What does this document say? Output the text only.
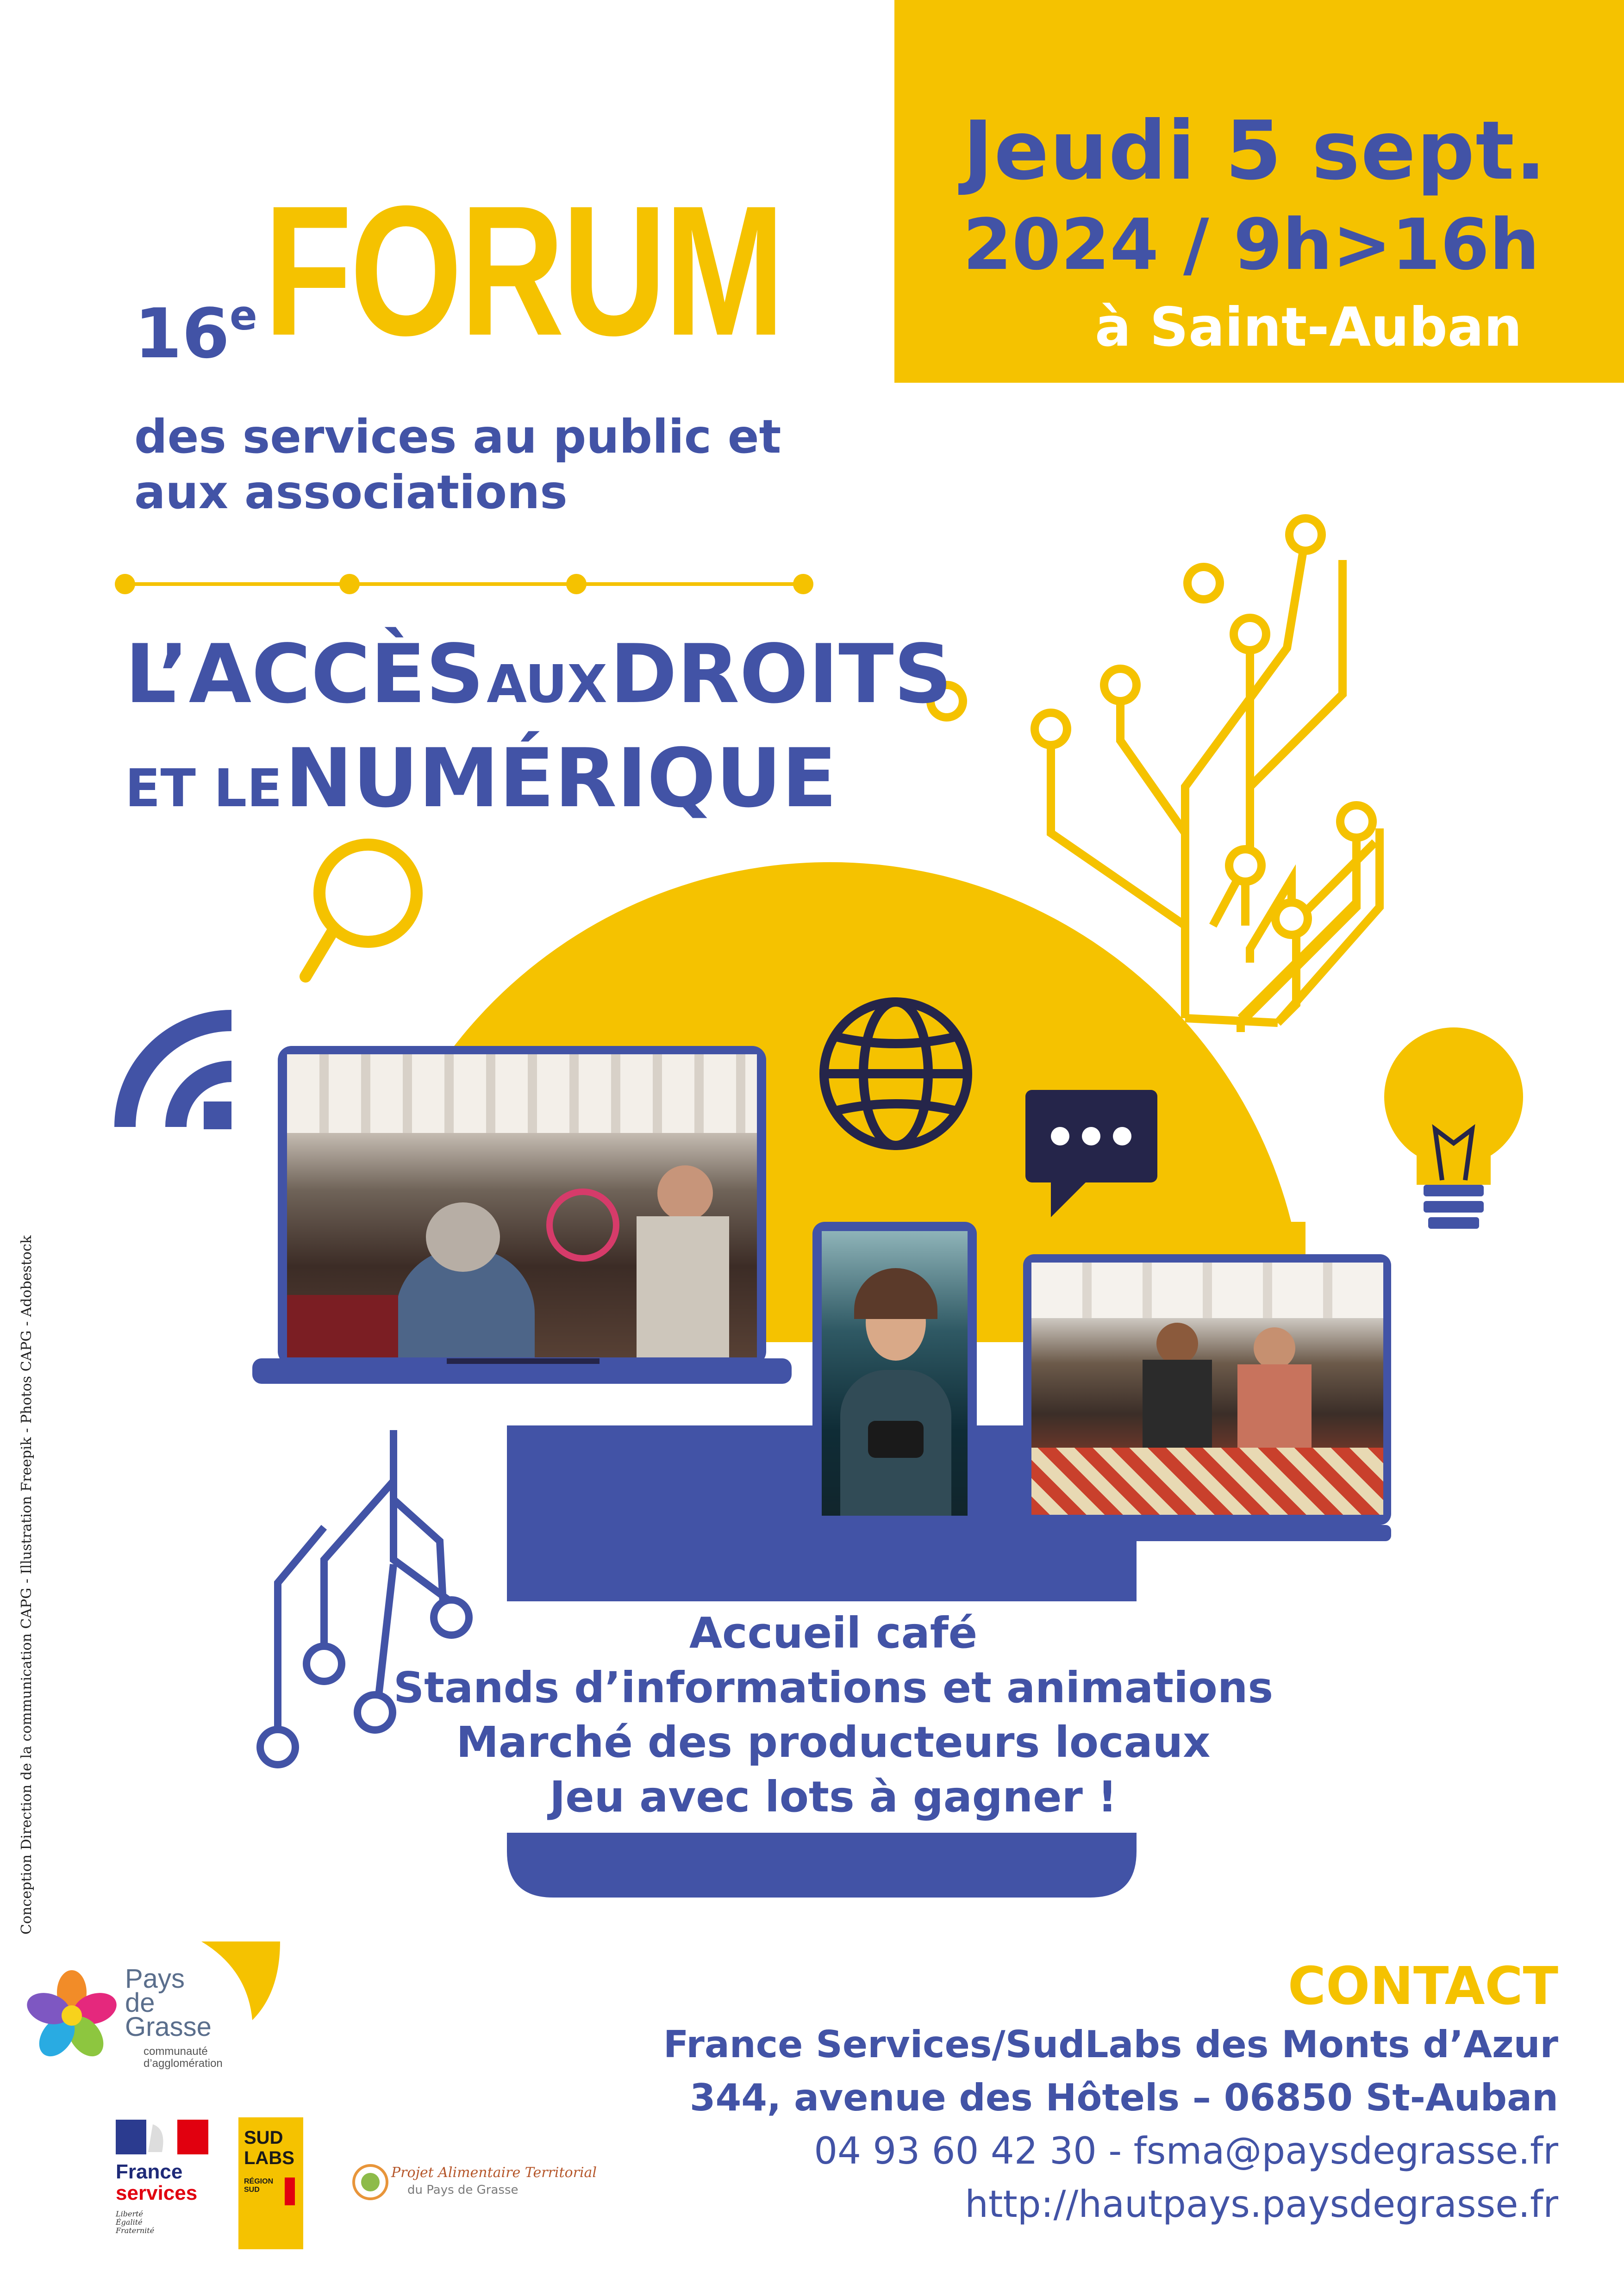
Jeudi 5 sept.
2024 / 9h>16h
à Saint-Auban
16e FORUM
des services au public et
aux associations
L’ACCÈS AUX DROITS
ET LE NUMÉRIQUE
Accueil café
Stands d’informations et animations
Marché des producteurs locaux
Jeu avec lots à gagner !
CONTACT
France Services/SudLabs des Monts d’Azur
344, avenue des Hôtels – 06850 St-Auban
04 93 60 42 30 - fsma@paysdegrasse.fr
http://hautpays.paysdegrasse.fr
Conception Direction de la communication CAPG - Illustration Freepik - Photos CAPG - Adobestock
Pays
de
Grasse
communauté
d’agglomération
France
services
Liberté
Égalité
Fraternité
SUD
LABS
RÉGION
SUD
Projet Alimentaire Territorial
du Pays de Grasse
